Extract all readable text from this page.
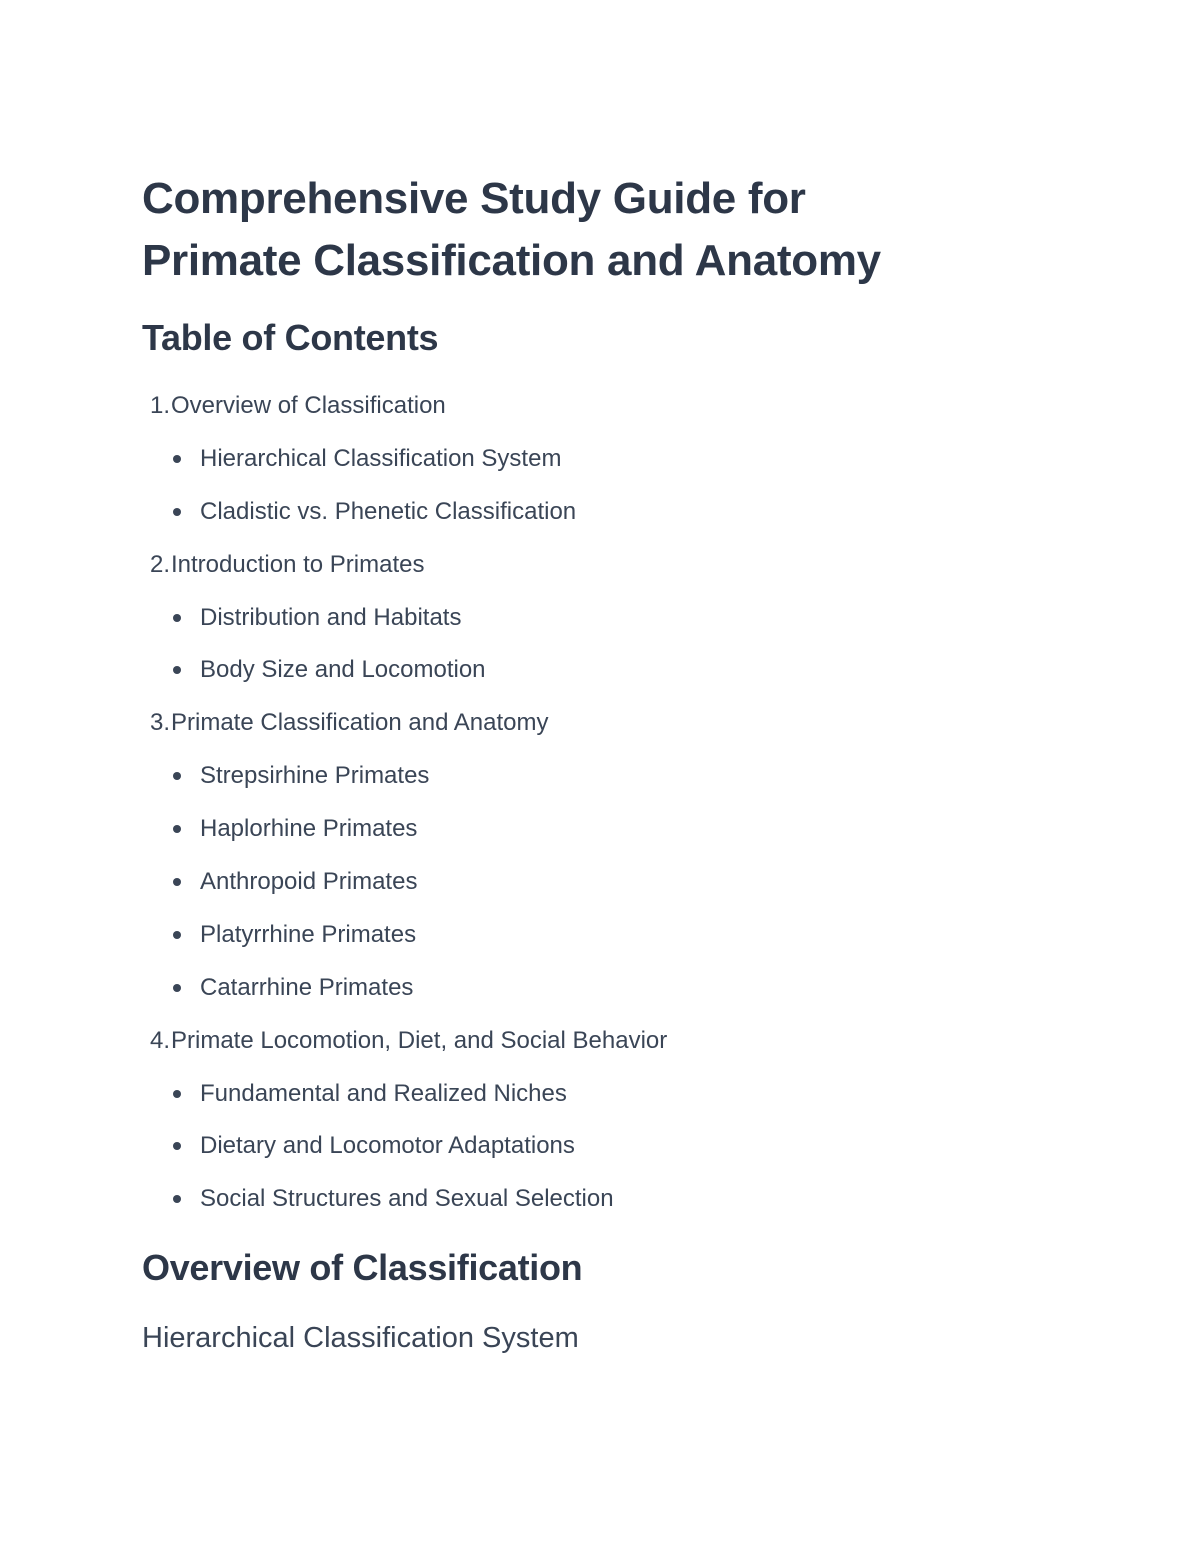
Comprehensive Study Guide for
Primate Classification and Anatomy
Table of Contents
1. Overview of Classification
Hierarchical Classification System
Cladistic vs. Phenetic Classification
2. Introduction to Primates
Distribution and Habitats
Body Size and Locomotion
3. Primate Classification and Anatomy
Strepsirhine Primates
Haplorhine Primates
Anthropoid Primates
Platyrrhine Primates
Catarrhine Primates
4. Primate Locomotion, Diet, and Social Behavior
Fundamental and Realized Niches
Dietary and Locomotor Adaptations
Social Structures and Sexual Selection
Overview of Classification
Hierarchical Classification System
